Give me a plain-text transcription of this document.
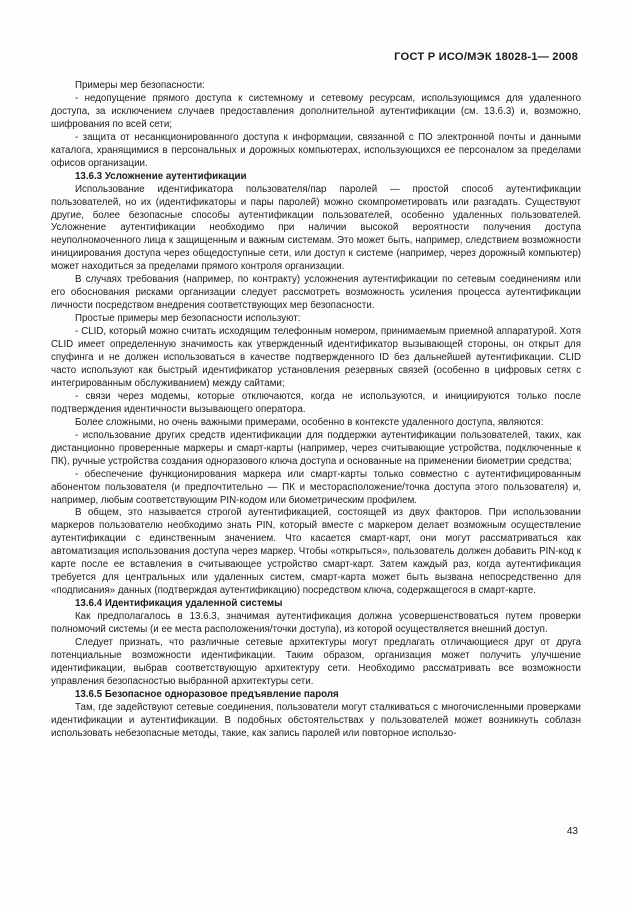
ГОСТ Р ИСО/МЭК 18028-1— 2008

Примеры мер безопасности:

- недопущение прямого доступа к системному и сетевому ресурсам, использующимся для удаленного доступа, за исключением случаев предоставления дополнительной аутентификации (см. 13.6.3) и, возможно, шифрования по всей сети;

- защита от несанкционированного доступа к информации, связанной с ПО электронной почты и данными каталога, хранящимися в персональных и дорожных компьютерах, использующихся ее персоналом за пределами офисов организации.

13.6.3 Усложнение аутентификации

Использование идентификатора пользователя/пар паролей — простой способ аутентификации пользователей, но их (идентификаторы и пары паролей) можно скомпрометировать или разгадать. Существуют другие, более безопасные способы аутентификации пользователей, особенно удаленных пользователей. Усложнение аутентификации необходимо при наличии высокой вероятности получения доступа неуполномоченного лица к защищенным и важным системам. Это может быть, например, следствием возможности инициирования доступа через общедоступные сети, или доступ к системе (например, через дорожный компьютер) может находиться за пределами прямого контроля организации.

В случаях требования (например, по контракту) усложнения аутентификации по сетевым соединениям или его обоснования рисками организации следует рассмотреть возможность усиления процесса аутентификации личности посредством внедрения соответствующих мер безопасности.

Простые примеры мер безопасности используют:

- CLID, который можно считать исходящим телефонным номером, принимаемым приемной аппаратурой. Хотя CLID имеет определенную значимость как утвержденный идентификатор вызывающей стороны, он открыт для спуфинга и не должен использоваться в качестве подтвержденного ID без дальнейшей аутентификации. CLID часто используют как быстрый идентификатор установления резервных связей (особенно в цифровых сетях с интегрированным обслуживанием) между сайтами;

- связи через модемы, которые отключаются, когда не используются, и инициируются только после подтверждения идентичности вызывающего оператора.

Более сложными, но очень важными примерами, особенно в контексте удаленного доступа, являются:

- использование других средств идентификации для поддержки аутентификации пользователей, таких, как дистанционно проверенные маркеры и смарт-карты (например, через считывающие устройства, подключенные к ПК), ручные устройства создания одноразового ключа доступа и основанные на применении биометрии средства;

- обеспечение функционирования маркера или смарт-карты только совместно с аутентифицированным абонентом пользователя (и предпочтительно — ПК и месторасположение/точка доступа этого пользователя) и, например, любым соответствующим PIN-кодом или биометрическим профилем.

В общем, это называется строгой аутентификацией, состоящей из двух факторов. При использовании маркеров пользователю необходимо знать PIN, который вместе с маркером делает возможным осуществление аутентификации с единственным значением. Что касается смарт-карт, они могут рассматриваться как автоматизация использования доступа через маркер. Чтобы «открыться», пользователь должен добавить PIN-код к карте после ее вставления в считывающее устройство смарт-карт. Затем каждый раз, когда аутентификация требуется для центральных или удаленных систем, смарт-карта может быть вызвана непосредственно для «подписания» данных (подтверждая аутентификацию) посредством ключа, содержащегося в смарт-карте.

13.6.4 Идентификация удаленной системы

Как предполагалось в 13.6.3, значимая аутентификация должна усовершенствоваться путем проверки полномочий системы (и ее места расположения/точки доступа), из которой осуществляется внешний доступ.

Следует признать, что различные сетевые архитектуры могут предлагать отличающиеся друг от друга потенциальные возможности идентификации. Таким образом, организация может получить улучшение идентификации, выбрав соответствующую архитектуру сети. Необходимо рассматривать все возможности управления безопасностью выбранной архитектуры сети.

13.6.5 Безопасное одноразовое предъявление пароля

Там, где задействуют сетевые соединения, пользователи могут сталкиваться с многочисленными проверками идентификации и аутентификации. В подобных обстоятельствах у пользователей может возникнуть соблазн использовать небезопасные методы, такие, как запись паролей или повторное использо-

43
